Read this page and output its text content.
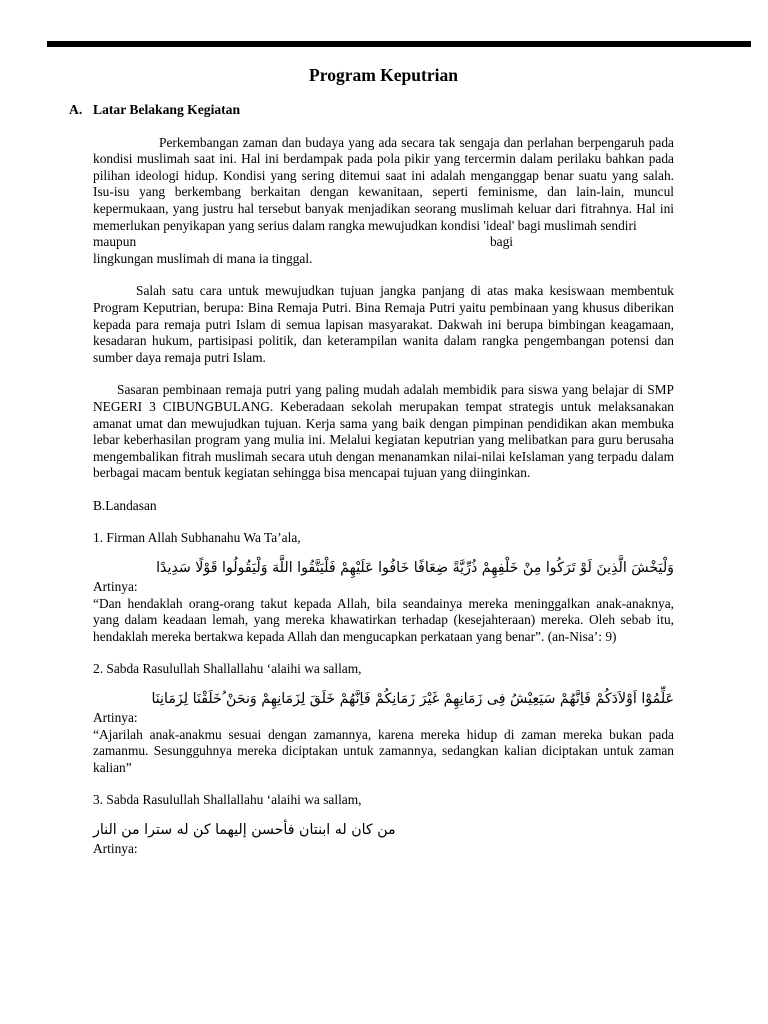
Program Keputrian
A. Latar Belakang Kegiatan

Perkembangan zaman dan budaya yang ada secara tak sengaja dan perlahan berpengaruh pada kondisi muslimah saat ini. Hal ini berdampak pada pola pikir yang tercermin dalam perilaku bahkan pada pilihan ideologi hidup. Kondisi yang sering ditemui saat ini adalah menganggap benar suatu yang salah. Isu-isu yang berkembang berkaitan dengan kewanitaan, seperti feminisme, dan lain-lain, muncul kepermukaan, yang justru hal tersebut banyak menjadikan seorang muslimah keluar dari fitrahnya. Hal ini memerlukan penyikapan yang serius dalam rangka mewujudkan kondisi 'ideal' bagi muslimah sendiri

maupun	bagi

lingkungan muslimah di mana ia tinggal.

Salah satu cara untuk mewujudkan tujuan jangka panjang di atas maka kesiswaan membentuk Program Keputrian, berupa: Bina Remaja Putri. Bina Remaja Putri yaitu pembinaan yang khusus diberikan kepada para remaja putri Islam di semua lapisan masyarakat. Dakwah ini berupa bimbingan keagamaan, kesadaran hukum, partisipasi politik, dan keterampilan wanita dalam rangka pengembangan potensi dan sumber daya remaja putri Islam.

Sasaran pembinaan remaja putri yang paling mudah adalah membidik para siswa yang belajar di SMP NEGERI 3 CIBUNGBULANG. Keberadaan sekolah merupakan tempat strategis untuk melaksanakan amanat umat dan mewujudkan tujuan. Kerja sama yang baik dengan pimpinan pendidikan akan membuka lebar keberhasilan program yang mulia ini. Melalui kegiatan keputrian yang melibatkan para guru berusaha mengembalikan fitrah muslimah secara utuh dengan menanamkan nilai-nilai keIslaman yang terpadu dalam berbagai macam bentuk kegiatan sehingga bisa mencapai tujuan yang diinginkan.

B.Landasan

1. Firman Allah Subhanahu Wa Ta’ala,

وَلْيَخْشَ الَّذِينَ لَوْ تَرَكُوا مِنْ خَلْفِهِمْ ذُرِّيَّةً ضِعَافًا خَافُوا عَلَيْهِمْ فَلْيَتَّقُوا اللَّهَ وَلْيَقُولُوا قَوْلًا سَدِيدًا

Artinya:

“Dan hendaklah orang-orang takut kepada Allah, bila seandainya mereka meninggalkan anak-anaknya, yang dalam keadaan lemah, yang mereka khawatirkan terhadap (kesejahteraan) mereka. Oleh sebab itu, hendaklah mereka bertakwa kepada Allah dan mengucapkan perkataan yang benar”. (an-Nisa’: 9)

2. Sabda Rasulullah Shallallahu ‘alaihi wa sallam,

عَلِّمُوْا اَوْلاَدَكُمْ فَاِنَّهُمْ سَيَعِيْشُ فِى زَمَانِهِمْ غَيْرَ زَمَانِكُمْ فَاِنَّهُمْ خَلَقَ لِزَمَانِهِمْ وَنحَنْ ُخَلَقْنَا لِزَمَانِنَا

Artinya:

“Ajarilah anak-anakmu sesuai dengan zamannya, karena mereka hidup di zaman mereka bukan pada zamanmu. Sesungguhnya mereka diciptakan untuk zamannya, sedangkan kalian diciptakan untuk zaman kalian”

3. Sabda Rasulullah Shallallahu ‘alaihi wa sallam,

من كان له ابنتان فأحسن إليهما كن له سترا من النار

Artinya:
